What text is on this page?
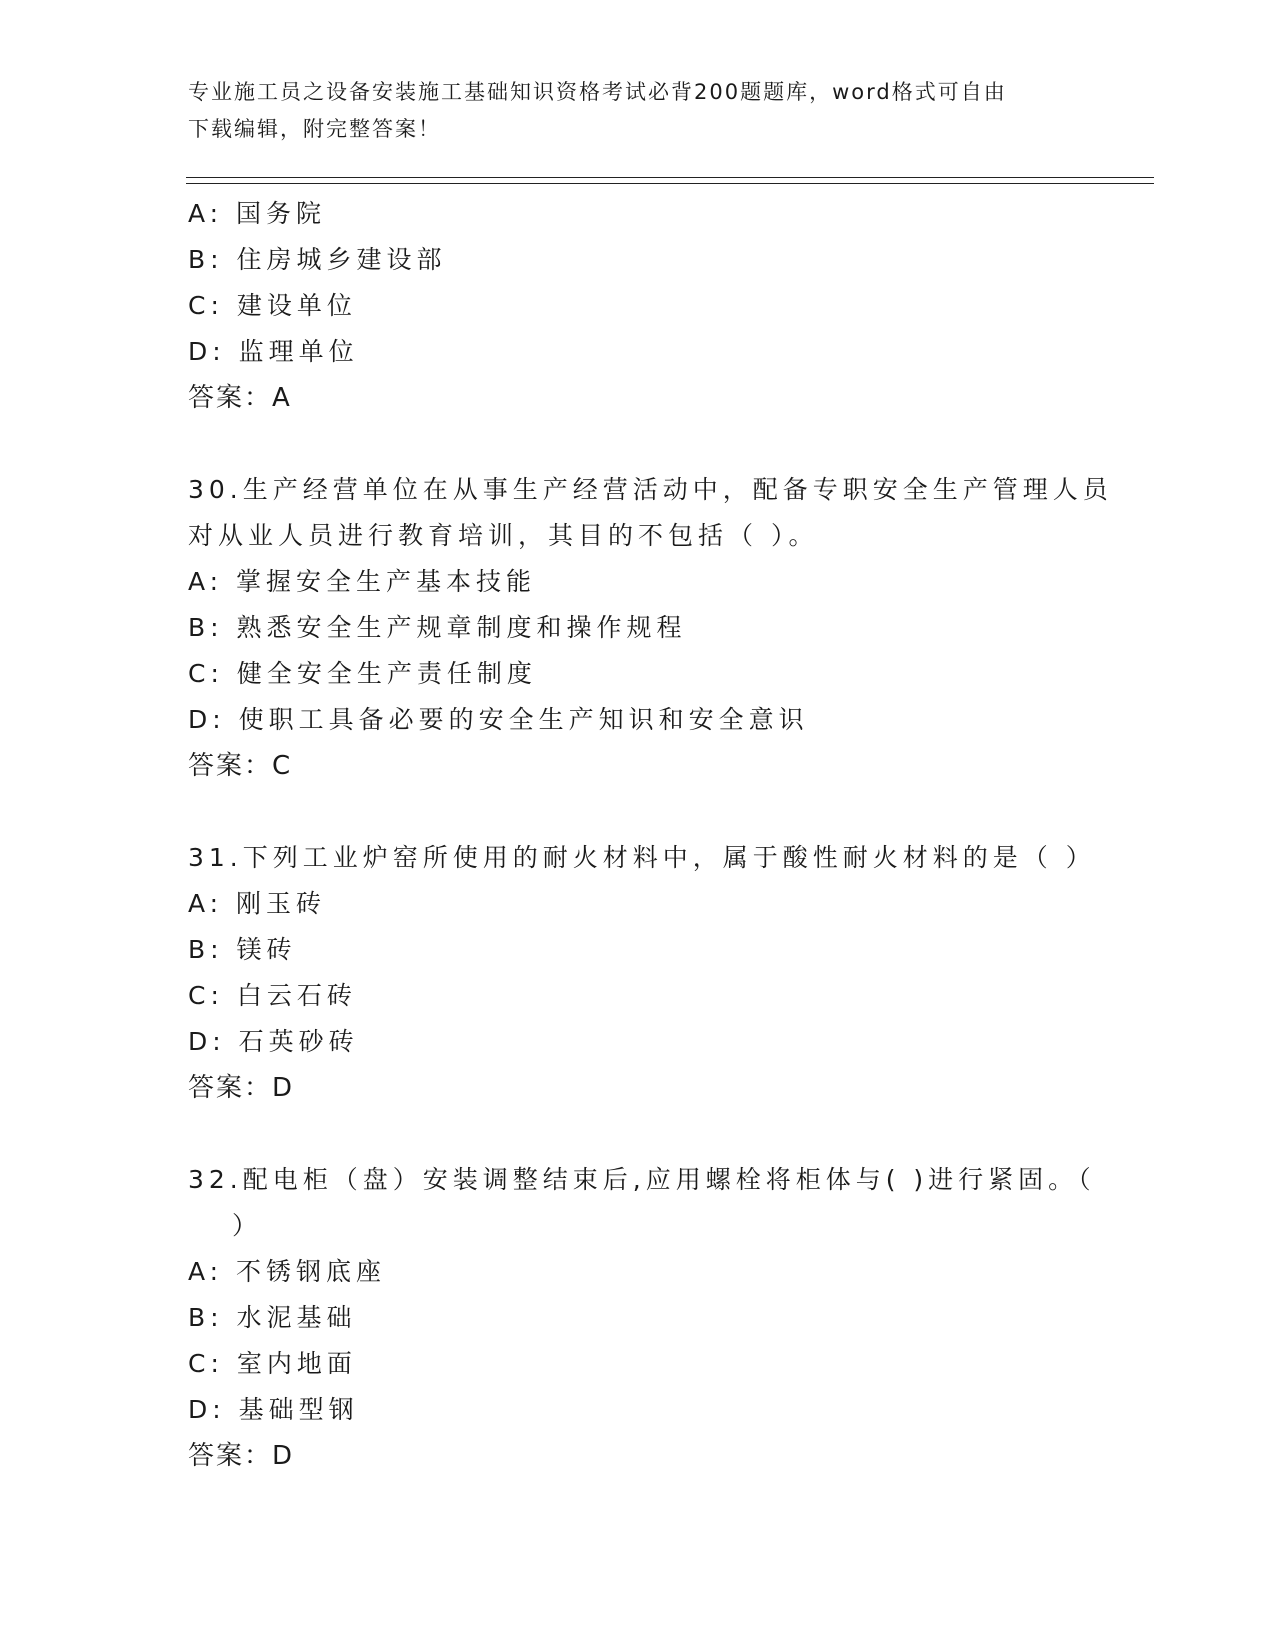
专业施工员之设备安装施工基础知识资格考试必背200题题库，word格式可自由
下载编辑，附完整答案！
A: 国务院
B: 住房城乡建设部
C: 建设单位
D: 监理单位
答案：A
30.生产经营单位在从事生产经营活动中，配备专职安全生产管理人员
对从业人员进行教育培训，其目的不包括（ ）。
A: 掌握安全生产基本技能
B: 熟悉安全生产规章制度和操作规程
C: 健全安全生产责任制度
D: 使职工具备必要的安全生产知识和安全意识
答案：C
31.下列工业炉窑所使用的耐火材料中，属于酸性耐火材料的是（ ）
A: 刚玉砖
B: 镁砖
C: 白云石砖
D: 石英砂砖
答案：D
32.配电柜（盘）安装调整结束后,应用螺栓将柜体与( )进行紧固。（
）
A: 不锈钢底座
B: 水泥基础
C: 室内地面
D: 基础型钢
答案：D
